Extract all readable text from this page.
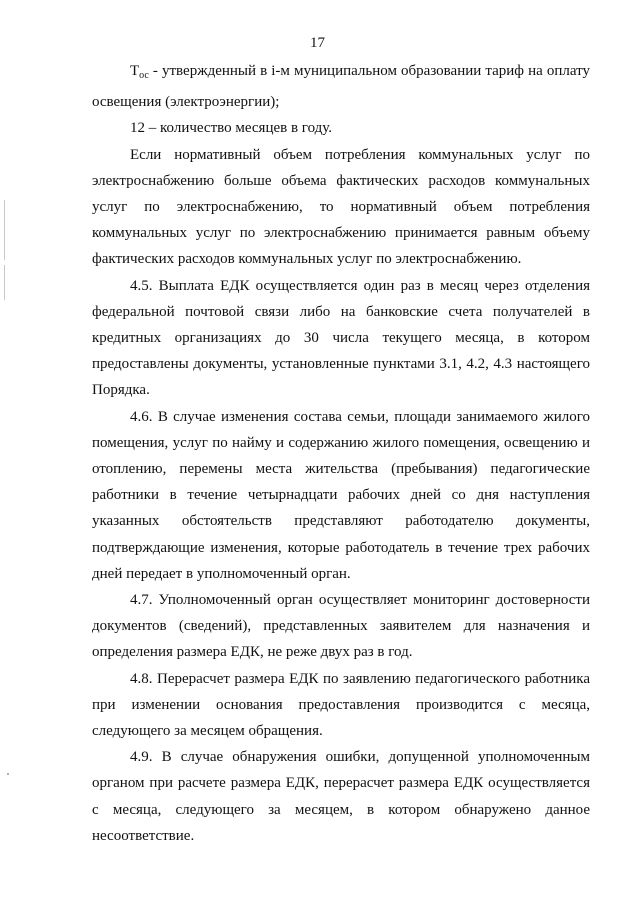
17

$Т_{ос}$ - утвержденный в i-м муниципальном образовании тариф на оплату освещения (электроэнергии);

12 – количество месяцев в году.

Если нормативный объем потребления коммунальных услуг по электроснабжению больше объема фактических расходов коммунальных услуг по электроснабжению, то нормативный объем потребления коммунальных услуг по электроснабжению принимается равным объему фактических расходов коммунальных услуг по электроснабжению.

4.5. Выплата ЕДК осуществляется один раз в месяц через отделения федеральной почтовой связи либо на банковские счета получателей в кредитных организациях до 30 числа текущего месяца, в котором предоставлены документы, установленные пунктами 3.1, 4.2, 4.3 настоящего Порядка.

4.6. В случае изменения состава семьи, площади занимаемого жилого помещения, услуг по найму и содержанию жилого помещения, освещению и отоплению, перемены места жительства (пребывания) педагогические работники в течение четырнадцати рабочих дней со дня наступления указанных обстоятельств представляют работодателю документы, подтверждающие изменения, которые работодатель в течение трех рабочих дней передает в уполномоченный орган.

4.7. Уполномоченный орган осуществляет мониторинг достоверности документов (сведений), представленных заявителем для назначения и определения размера ЕДК, не реже двух раз в год.

4.8. Перерасчет размера ЕДК по заявлению педагогического работника при изменении основания предоставления производится с месяца, следующего за месяцем обращения.

4.9. В случае обнаружения ошибки, допущенной уполномоченным органом при расчете размера ЕДК, перерасчет размера ЕДК осуществляется с месяца, следующего за месяцем, в котором обнаружено данное несоответствие.
